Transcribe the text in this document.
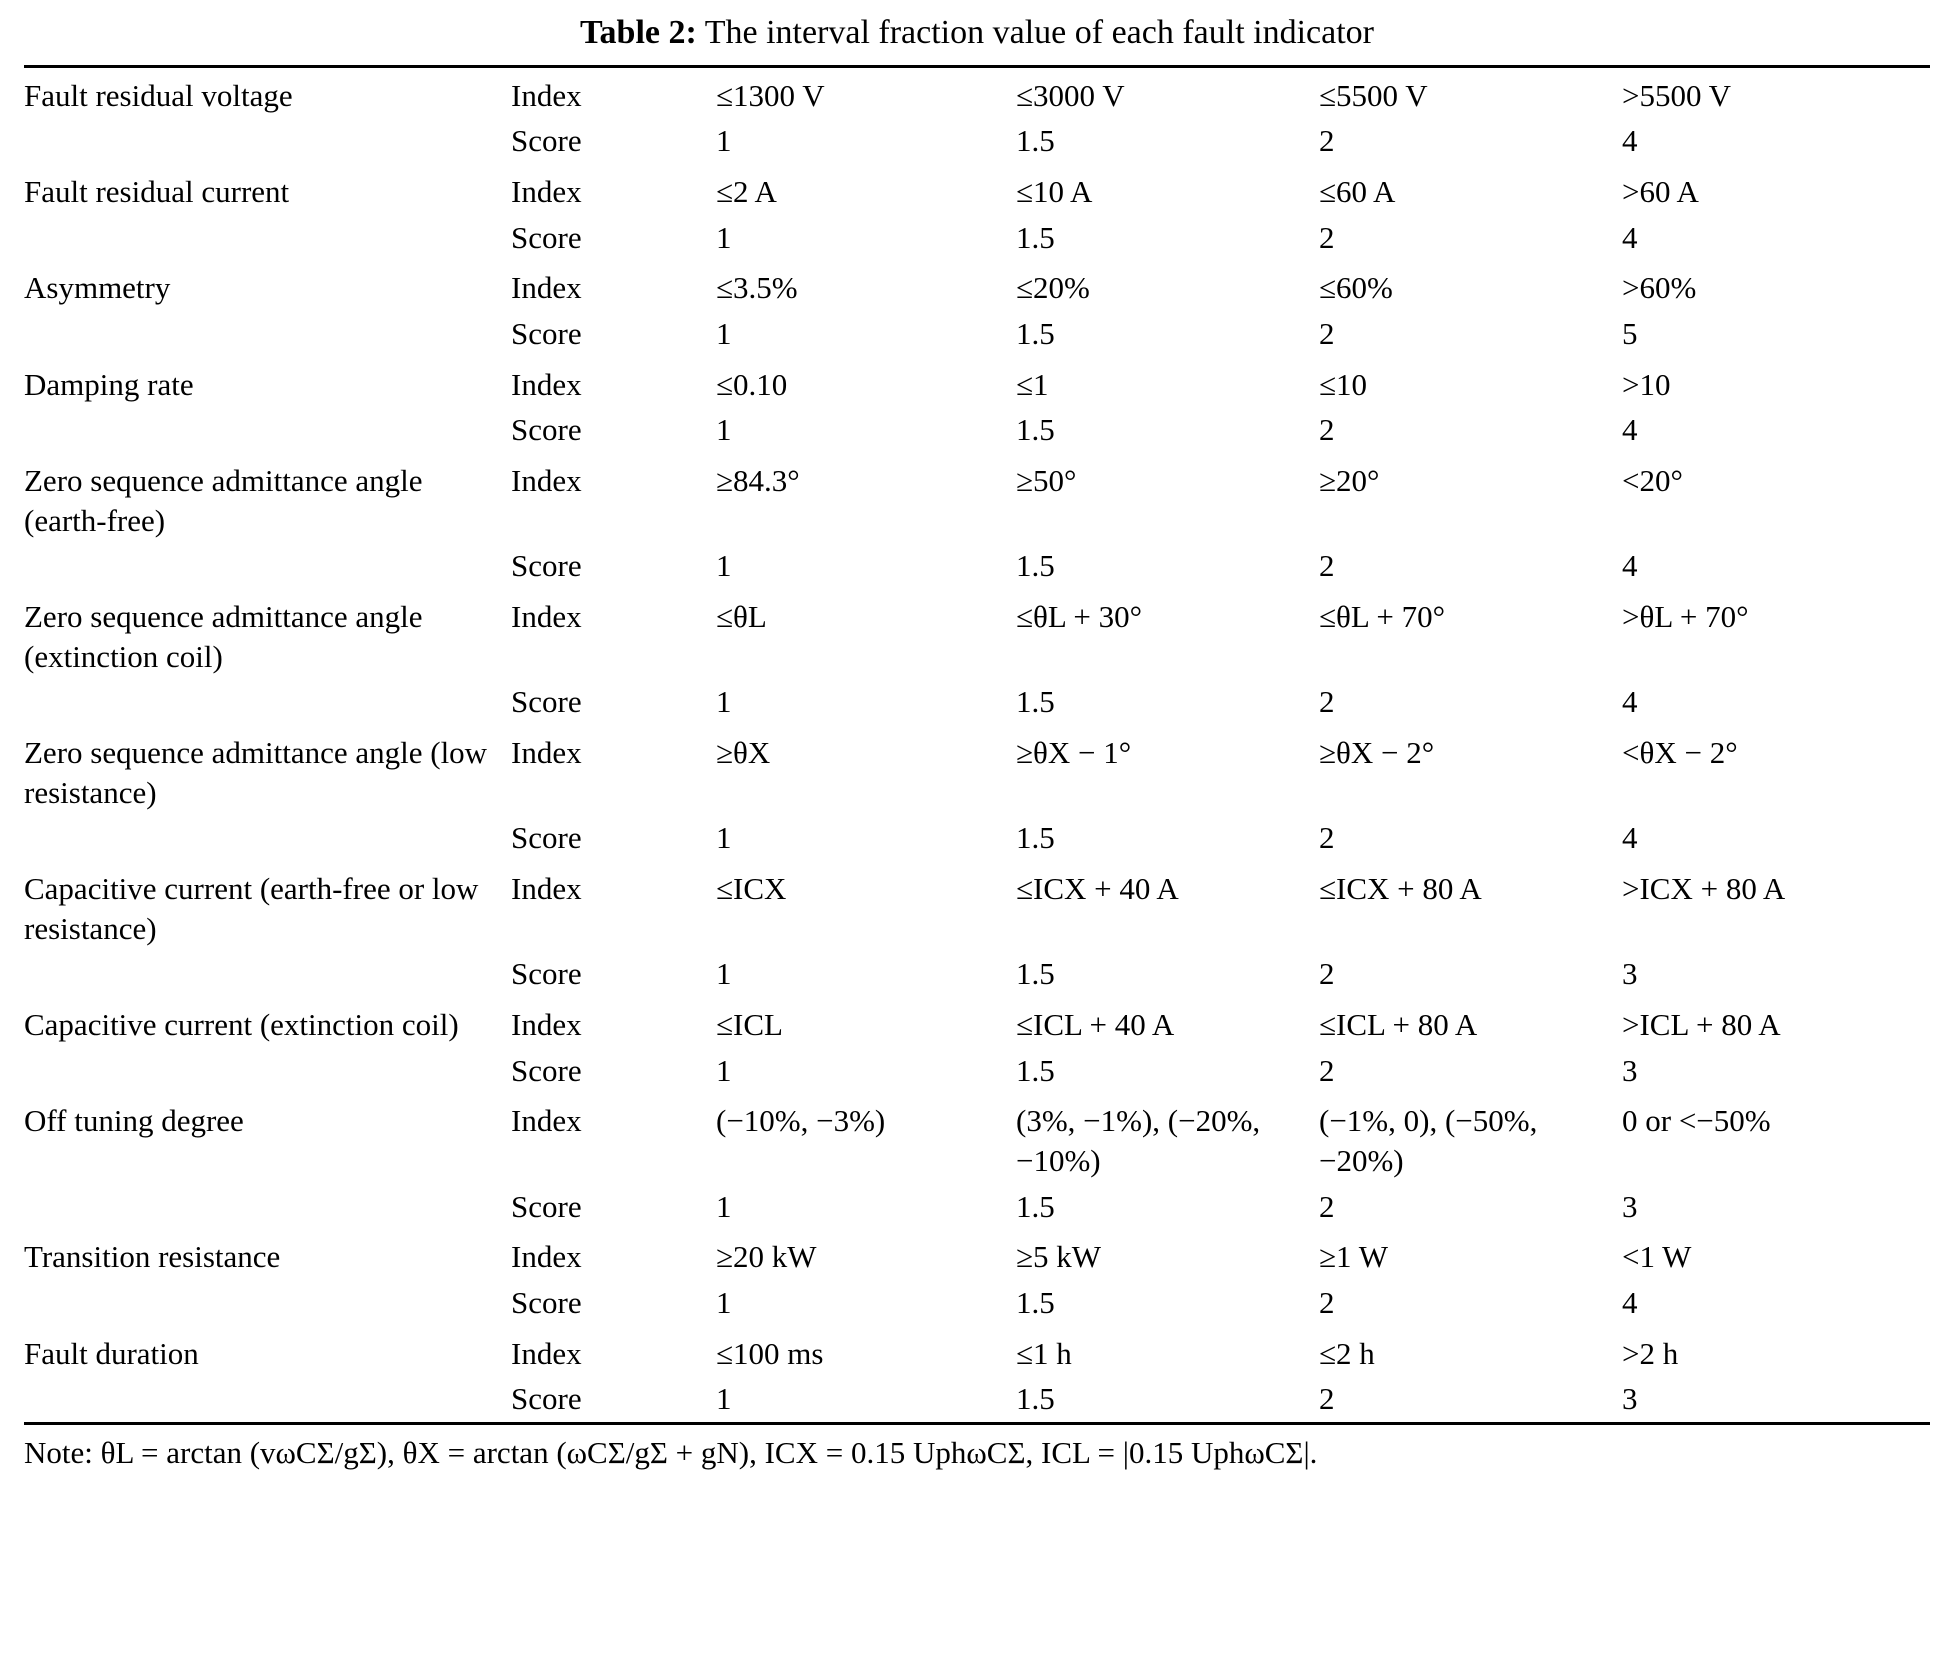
Table 2: The interval fraction value of each fault indicator
Fault residual voltage	Index	≤1300 V	≤3000 V	≤5500 V	>5500 V
	Score	1	1.5	2	4
Fault residual current	Index	≤2 A	≤10 A	≤60 A	>60 A
	Score	1	1.5	2	4
Asymmetry	Index	≤3.5%	≤20%	≤60%	>60%
	Score	1	1.5	2	5
Damping rate	Index	≤0.10	≤1	≤10	>10
	Score	1	1.5	2	4
Zero sequence admittance angle (earth-free)	Index	≥84.3°	≥50°	≥20°	<20°
	Score	1	1.5	2	4
Zero sequence admittance angle (extinction coil)	Index	≤θL	≤θL + 30°	≤θL + 70°	>θL + 70°
	Score	1	1.5	2	4
Zero sequence admittance angle (low resistance)	Index	≥θX	≥θX − 1°	≥θX − 2°	<θX − 2°
	Score	1	1.5	2	4
Capacitive current (earth-free or low resistance)	Index	≤ICX	≤ICX + 40 A	≤ICX + 80 A	>ICX + 80 A
	Score	1	1.5	2	3
Capacitive current (extinction coil)	Index	≤ICL	≤ICL + 40 A	≤ICL + 80 A	>ICL + 80 A
	Score	1	1.5	2	3
Off tuning degree	Index	(−10%, −3%)	(3%, −1%), (−20%, −10%)	(−1%, 0), (−50%, −20%)	0 or <−50%
	Score	1	1.5	2	3
Transition resistance	Index	≥20 kW	≥5 kW	≥1 W	<1 W
	Score	1	1.5	2	4
Fault duration	Index	≤100 ms	≤1 h	≤2 h	>2 h
	Score	1	1.5	2	3
Note: θL = arctan (vωCΣ/gΣ), θX = arctan (ωCΣ/gΣ + gN), ICX = 0.15 UphωCΣ, ICL = |0.15 UphωCΣ|.
